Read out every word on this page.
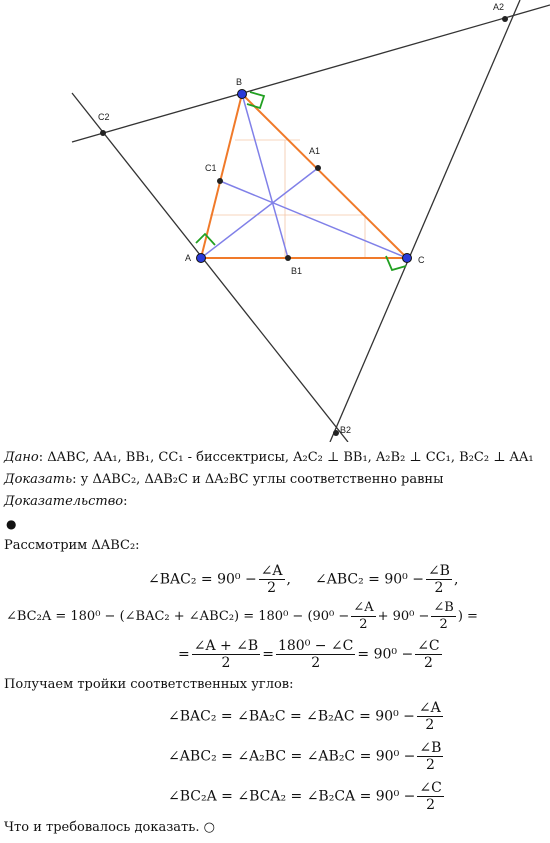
A
B
C
A1
B1
C1
A2
B2
C2
Дано: ΔABC, AA₁, BB₁, CC₁ - биссектрисы, A₂C₂ ⊥ BB₁, A₂B₂ ⊥ CC₁, B₂C₂ ⊥ AA₁
Доказать: у ΔABC₂, ΔAB₂C и ΔA₂BC углы соответственно равны
Доказательство:
●
Рассмотрим ΔABC₂:
∠BAC₂ = $90^0 - \frac{\angle A}{2}$ , ∠ABC₂ = $90^0 - \frac{\angle B}{2}$ ,
∠BC₂A = 180⁰ − (∠BAC₂ + ∠ABC₂) = $180^0 - (90^0 - \frac{\angle A}{2} + 90^0 - \frac{\angle B}{2}$ ) =
= $\frac{\angle A + \angle B}{2} = \frac{\text{180⁰ − ∠C}}{2} = 90^0 - \frac{\angle C}{2}$
Получаем тройки соответственных углов:
∠BAC₂ = ∠BA₂C = ∠B₂AC = $90^0 - \frac{\angle A}{2}$
∠ABC₂ = ∠A₂BC = ∠AB₂C = $90^0 - \frac{\angle B}{2}$
∠BC₂A = ∠BCA₂ = ∠B₂CA = $90^0 - \frac{\angle C}{2}$
Что и требовалось доказать. ○
